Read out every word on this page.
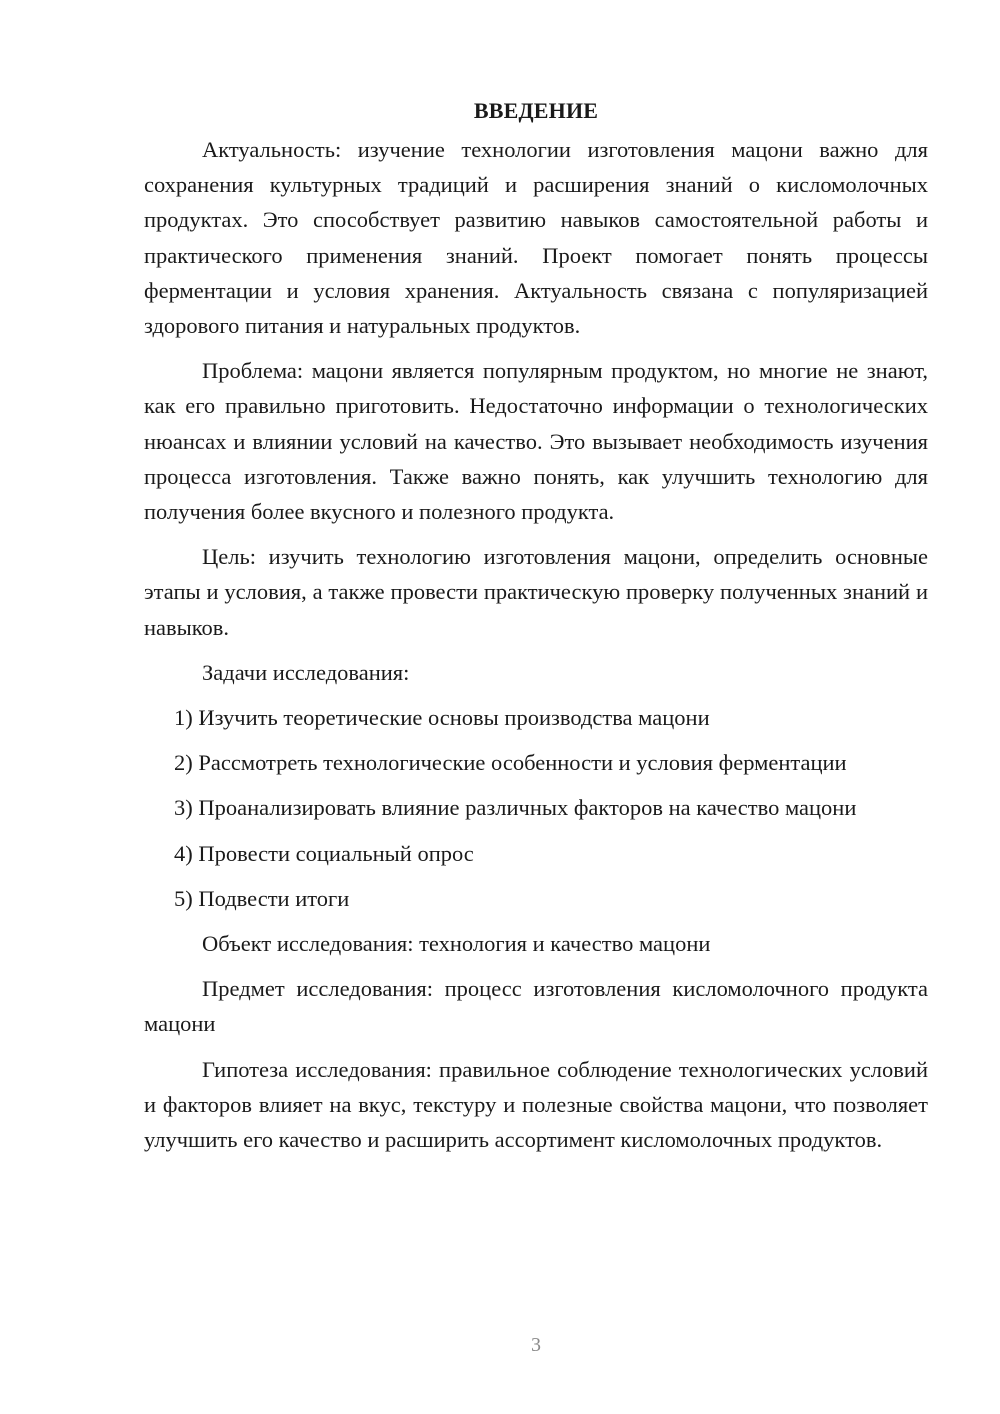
ВВЕДЕНИЕ

Актуальность: изучение технологии изготовления мацони важно для сохранения культурных традиций и расширения знаний о кисломолочных продуктах. Это способствует развитию навыков самостоятельной работы и практического применения знаний. Проект помогает понять процессы ферментации и условия хранения. Актуальность связана с популяризацией здорового питания и натуральных продуктов.

Проблема: мацони является популярным продуктом, но многие не знают, как его правильно приготовить. Недостаточно информации о технологических нюансах и влиянии условий на качество. Это вызывает необходимость изучения процесса изготовления. Также важно понять, как улучшить технологию для получения более вкусного и полезного продукта.

Цель: изучить технологию изготовления мацони, определить основные этапы и условия, а также провести практическую проверку полученных знаний и навыков.

Задачи исследования:

1) Изучить теоретические основы производства мацони

2) Рассмотреть технологические особенности и условия ферментации

3) Проанализировать влияние различных факторов на качество мацони

4) Провести социальный опрос

5) Подвести итоги

Объект исследования: технология и качество мацони

Предмет исследования: процесс изготовления кисломолочного продукта мацони

Гипотеза исследования: правильное соблюдение технологических условий и факторов влияет на вкус, текстуру и полезные свойства мацони, что позволяет улучшить его качество и расширить ассортимент кисломолочных продуктов.

3
